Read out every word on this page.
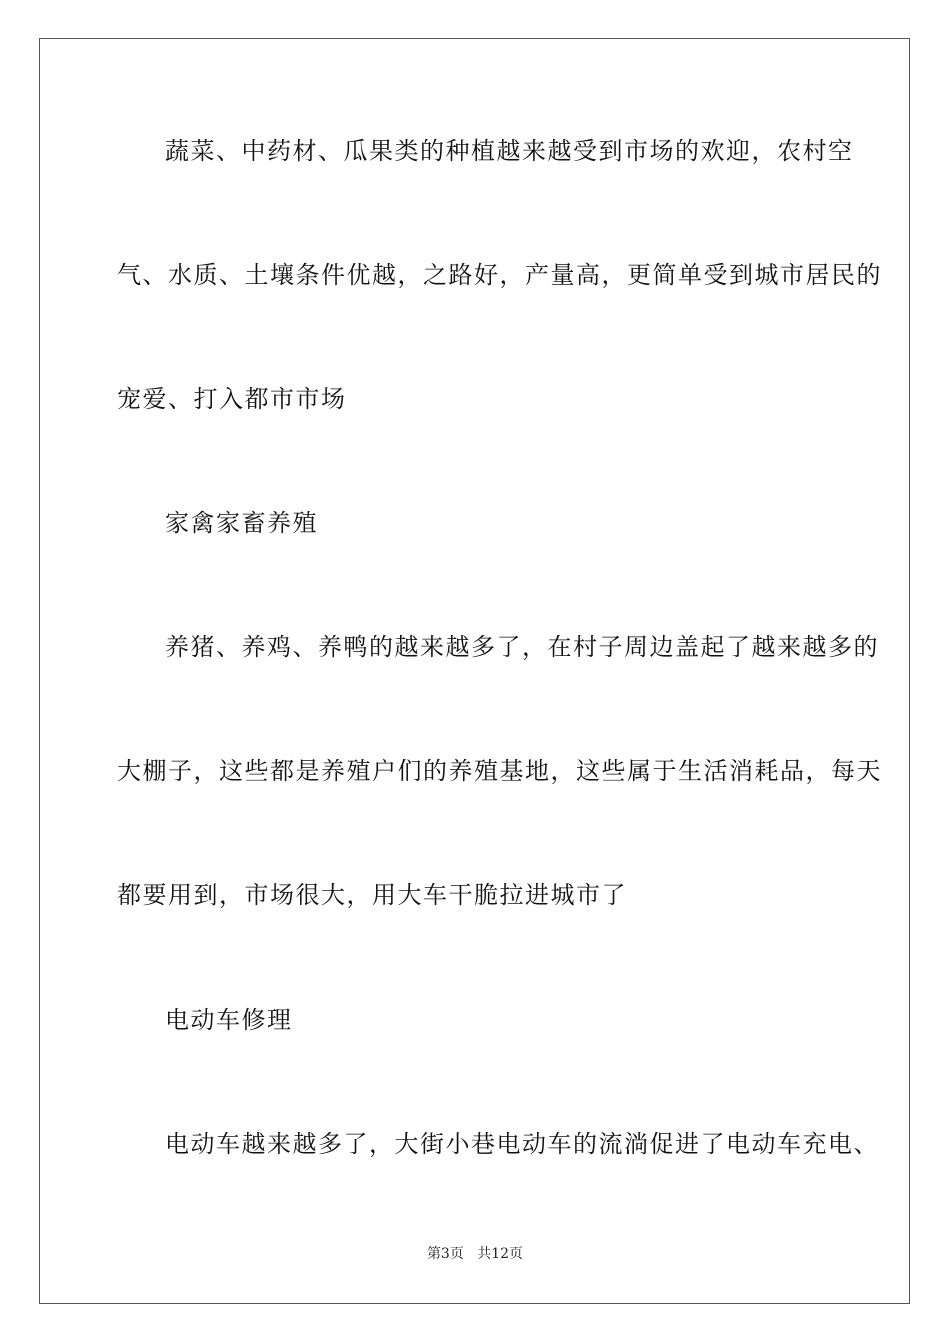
蔬菜、中药材、瓜果类的种植越来越受到市场的欢迎，农村空
气、水质、土壤条件优越，之路好，产量高，更简单受到城市居民的
宠爱、打入都市市场
家禽家畜养殖
养猪、养鸡、养鸭的越来越多了，在村子周边盖起了越来越多的
大棚子，这些都是养殖户们的养殖基地，这些属于生活消耗品，每天
都要用到，市场很大，用大车干脆拉进城市了
电动车修理
电动车越来越多了，大街小巷电动车的流淌促进了电动车充电、
第3页 共12页
